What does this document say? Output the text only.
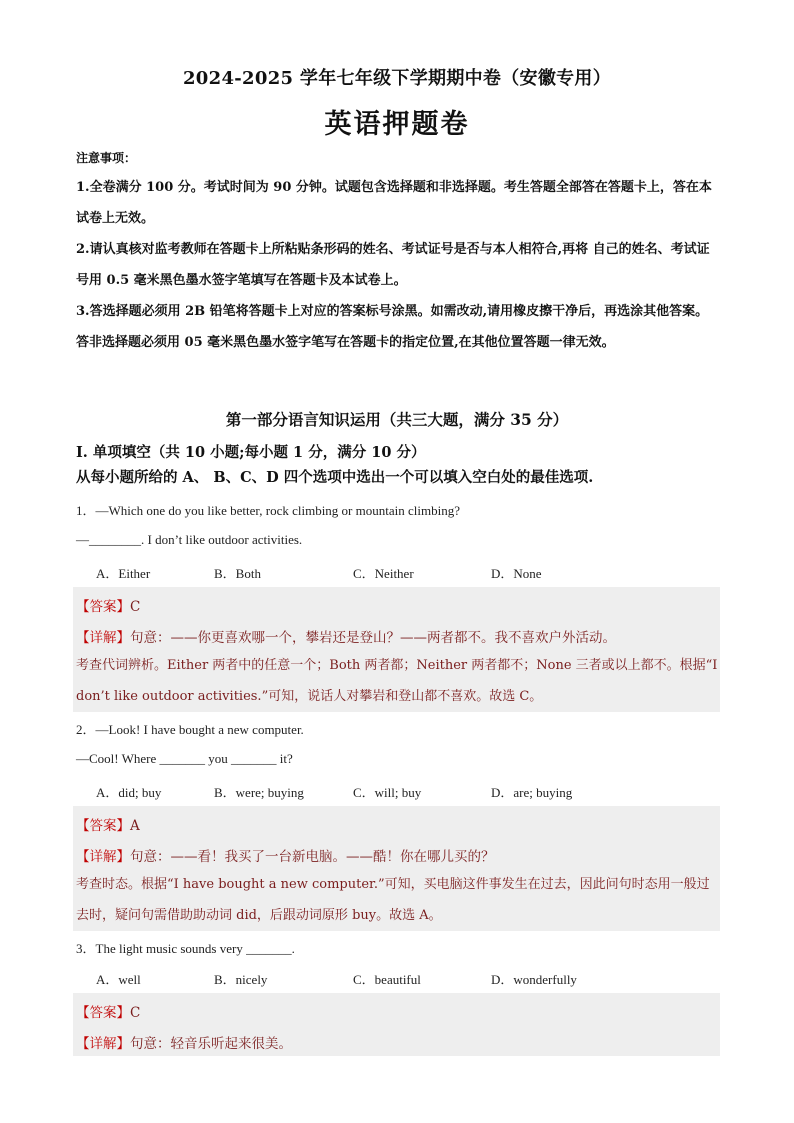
2024-2025 学年七年级下学期期中卷（安徽专用）
英语押题卷
注意事项：
1.全卷满分 100 分。考试时间为 90 分钟。试题包含选择题和非选择题。考生答题全部答在答题卡上，答在本试卷上无效。
2.请认真核对监考教师在答题卡上所粘贴条形码的姓名、考试证号是否与本人相符合,再将 自己的姓名、考试证号用 0.5 毫米黑色墨水签字笔填写在答题卡及本试卷上。
3.答选择题必须用 2B 铅笔将答题卡上对应的答案标号涂黑。如需改动,请用橡皮擦干净后，再选涂其他答案。答非选择题必须用 05 毫米黑色墨水签字笔写在答题卡的指定位置,在其他位置答题一律无效。
第一部分语言知识运用（共三大题，满分 35 分）
I. 单项填空（共 10 小题;每小题 1 分，满分 10 分）
从每小题所给的 A、 B、C、D 四个选项中选出一个可以填入空白处的最佳选项.
1．—Which one do you like better, rock climbing or mountain climbing?
—________. I don’t like outdoor activities.
A．Either	B．Both	C．Neither	D．None
【答案】C
【详解】句意：——你更喜欢哪一个，攀岩还是登山？——两者都不。我不喜欢户外活动。
考查代词辨析。Either 两者中的任意一个；Both 两者都；Neither 两者都不；None 三者或以上都不。根据“I don’t like outdoor activities.”可知，说话人对攀岩和登山都不喜欢。故选 C。
2．—Look! I have bought a new computer.
—Cool! Where _______ you _______ it?
A．did; buy	B．were; buying	C．will; buy	D．are; buying
【答案】A
【详解】句意：——看！我买了一台新电脑。——酷！你在哪儿买的？
考查时态。根据“I have bought a new computer.”可知，买电脑这件事发生在过去，因此问句时态用一般过去时，疑问句需借助助动词 did，后跟动词原形 buy。故选 A。
3．The light music sounds very _______.
A．well	B．nicely	C．beautiful	D．wonderfully
【答案】C
【详解】句意：轻音乐听起来很美。
